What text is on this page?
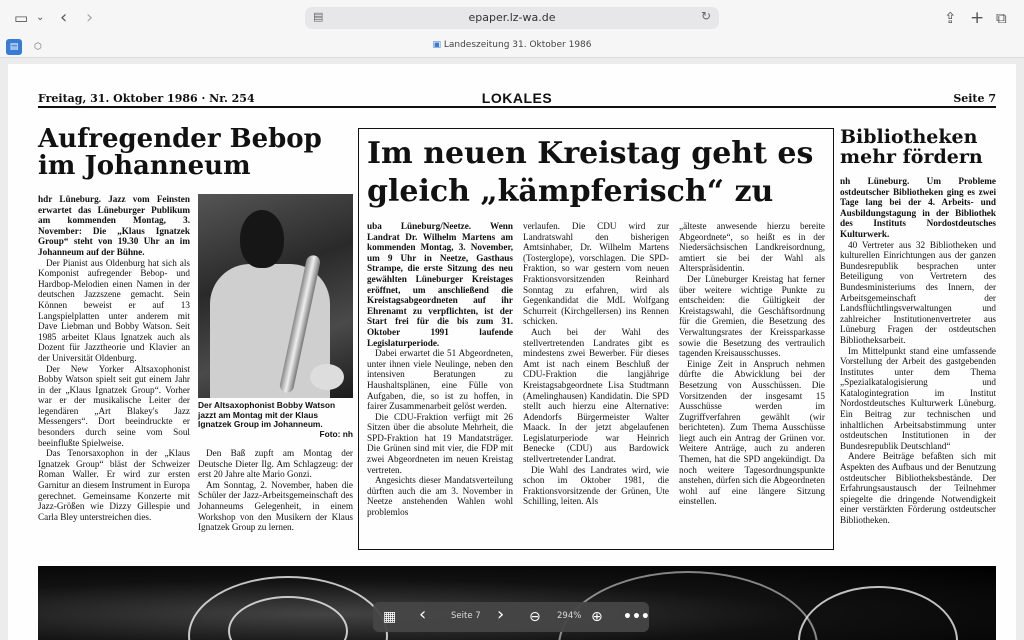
▭ ⌄ ‹ ›	▤	epaper.lz-wa.de	↻	⇪ + ⧉
▤	⬡	▣ Landeszeitung 31. Oktober 1986
Freitag, 31. Oktober 1986 · Nr. 254	LOKALES	Seite 7
Aufregender Bebop im Johanneum

hdr Lüneburg. Jazz vom Feinsten erwartet das Lüneburger Publikum am kommenden Montag, 3. November: Die „Klaus Ignatzek Group“ steht von 19.30 Uhr an im Johanneum auf der Bühne.

Der Pianist aus Oldenburg hat sich als Komponist aufregender Bebop- und Hardbop-Melodien einen Namen in der deutschen Jazzszene gemacht. Sein Können beweist er auf 13 Langspielplatten unter anderem mit Dave Liebman und Bobby Watson. Seit 1985 arbeitet Klaus Ignatzek auch als Dozent für Jazztheorie und Klavier an der Universität Oldenburg.

Der New Yorker Altsaxophonist Bobby Watson spielt seit gut einem Jahr in der „Klaus Ignatzek Group“. Vorher war er der musikalische Leiter der legendären „Art Blakey's Jazz Messengers“. Dort beeindruckte er besonders durch seine vom Soul beeinflußte Spielweise.

Das Tenorsaxophon in der „Klaus Ignatzek Group“ bläst der Schweizer Roman Waller. Er wird zur ersten Garnitur an diesem Instrument in Europa gerechnet. Gemeinsame Konzerte mit Jazz-Größen wie Dizzy Gillespie und Carla Bley unterstreichen dies.

Der Altsaxophonist Bobby Watson jazzt am Montag mit der Klaus Ignatzek Group im Johanneum.
Foto: nh

Den Baß zupft am Montag der Deutsche Dieter Ilg. Am Schlagzeug: der erst 20 Jahre alte Mario Gonzi.

Am Sonntag, 2. November, haben die Schüler der Jazz-Arbeitsgemeinschaft des Johanneums Gelegenheit, in einem Workshop von den Musikern der Klaus Ignatzek Group zu lernen.

Im neuen Kreistag geht es gleich „kämpferisch“ zu

uba Lüneburg/Neetze. Wenn Landrat Dr. Wilhelm Martens am kommenden Montag, 3. November, um 9 Uhr in Neetze, Gasthaus Strampe, die erste Sitzung des neu gewählten Lüneburger Kreistages eröffnet, um anschließend die Kreistagsabgeordneten auf ihr Ehrenamt zu verpflichten, ist der Start frei für die bis zum 31. Oktober 1991 laufende Legislaturperiode.

Dabei erwartet die 51 Abgeordneten, unter ihnen viele Neulinge, neben den intensiven Beratungen zu Haushaltsplänen, eine Fülle von Aufgaben, die, so ist zu hoffen, in fairer Zusammenarbeit gelöst werden.

Die CDU-Fraktion verfügt mit 26 Sitzen über die absolute Mehrheit, die SPD-Fraktion hat 19 Mandatsträger. Die Grünen sind mit vier, die FDP mit zwei Abgeordneten im neuen Kreistag vertreten.

Angesichts dieser Mandatsverteilung dürften auch die am 3. November in Neetze anstehenden Wahlen wohl problemlos

verlaufen. Die CDU wird zur Landratswahl den bisherigen Amtsinhaber, Dr. Wilhelm Martens (Tosterglope), vorschlagen. Die SPD-Fraktion, so war gestern vom neuen Fraktionsvorsitzenden Reinhard Sonntag zu erfahren, wird als Gegenkandidat die MdL Wolfgang Schurreit (Kirchgellersen) ins Rennen schicken.

Auch bei der Wahl des stellvertretenden Landrates gibt es mindestens zwei Bewerber. Für dieses Amt ist nach einem Beschluß der CDU-Fraktion die langjährige Kreistagsabgeordnete Lisa Studtmann (Amelinghausen) Kandidatin. Die SPD stellt auch hierzu eine Alternative: Adendorfs Bürgermeister Walter Maack. In der jetzt abgelaufenen Legislaturperiode war Heinrich Benecke (CDU) aus Bardowick stellvertretender Landrat.

Die Wahl des Landrates wird, wie schon im Oktober 1981, die Fraktionsvorsitzende der Grünen, Ute Schilling, leiten. Als

„älteste anwesende hierzu bereite Abgeordnete“, so heißt es in der Niedersächsischen Landkreisordnung, amtiert sie bei der Wahl als Alterspräsidentin.

Der Lüneburger Kreistag hat ferner über weitere wichtige Punkte zu entscheiden: die Gültigkeit der Kreistagswahl, die Geschäftsordnung für die Gremien, die Besetzung des Verwaltungsrates der Kreissparkasse sowie die Besetzung des vertraulich tagenden Kreisausschusses.

Einige Zeit in Anspruch nehmen dürfte die Abwicklung bei der Besetzung von Ausschüssen. Die Vorsitzenden der insgesamt 15 Ausschüsse werden im Zugriffverfahren gewählt (wir berichteten). Zum Thema Ausschüsse liegt auch ein Antrag der Grünen vor. Weitere Anträge, auch zu anderen Themen, hat die SPD angekündigt. Da noch weitere Tagesordnungspunkte anstehen, dürfen sich die Abgeordneten wohl auf eine längere Sitzung einstellen.

Bibliotheken mehr fördern

nh Lüneburg. Um Probleme ostdeutscher Bibliotheken ging es zwei Tage lang bei der 4. Arbeits- und Ausbildungstagung in der Bibliothek des Instituts Nordostdeutsches Kulturwerk.

40 Vertreter aus 32 Bibliotheken und kulturellen Einrichtungen aus der ganzen Bundesrepublik besprachen unter Beteiligung von Vertretern des Bundesministeriums des Innern, der Arbeitsgemeinschaft der Landsflüchtlingsverwaltungen und zahlreicher Institutionenvertreter aus Lüneburg Fragen der ostdeutschen Bibliotheksarbeit.

Im Mittelpunkt stand eine umfassende Vorstellung der Arbeit des gastgebenden Institutes unter dem Thema „Spezialkatalogisierung und Katalogintegration im Institut Nordostdeutsches Kulturwerk Lüneburg. Ein Beitrag zur technischen und inhaltlichen Arbeitsabstimmung unter ostdeutschen Institutionen in der Bundesrepublik Deutschland“

Andere Beiträge befaßten sich mit Aspekten des Aufbaus und der Benutzung ostdeutscher Bibliotheksbestände. Der Erfahrungsaustausch der Teilnehmer spiegelte die dringende Notwendigkeit einer verstärkten Förderung ostdeutscher Bibliotheken.

▦ ‹	Seite 7 › ⊖ 294% ⊕ •••
